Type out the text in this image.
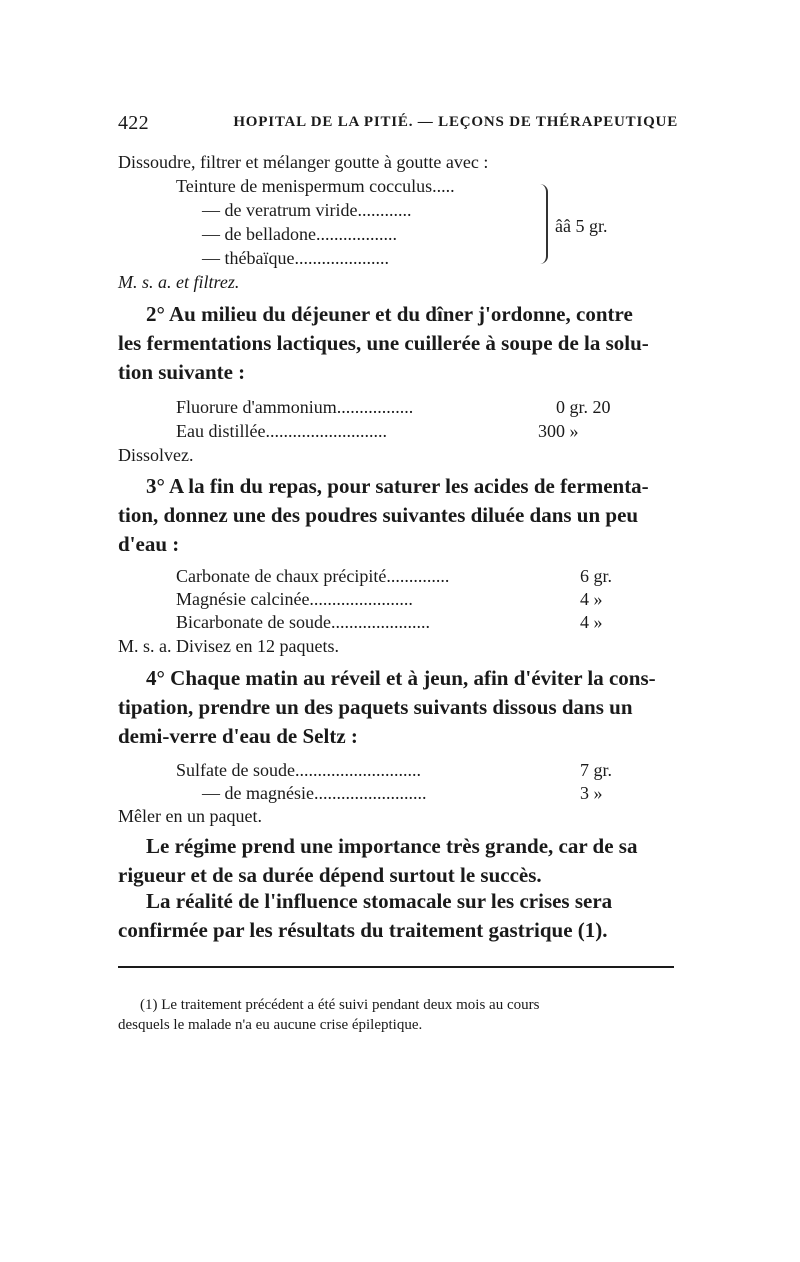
422	HOPITAL DE LA PITIÉ. — LEÇONS DE THÉRAPEUTIQUE
Dissoudre, filtrer et mélanger goutte à goutte avec :
Teinture de menispermum cocculus.....
— de veratrum viride............
— de belladone..................
— thébaïque.....................
ââ 5 gr.
M. s. a. et filtrez.
2° Au milieu du déjeuner et du dîner j'ordonne, contre
les fermentations lactiques, une cuillerée à soupe de la solu-
tion suivante :
Fluorure d'ammonium.................	0 gr. 20
Eau distillée...........................	300 »
Dissolvez.
3° A la fin du repas, pour saturer les acides de fermenta-
tion, donnez une des poudres suivantes diluée dans un peu
d'eau :
Carbonate de chaux précipité..............	6 gr.
Magnésie calcinée.......................	4 »
Bicarbonate de soude......................	4 »
M. s. a. Divisez en 12 paquets.
4° Chaque matin au réveil et à jeun, afin d'éviter la cons-
tipation, prendre un des paquets suivants dissous dans un
demi-verre d'eau de Seltz :
Sulfate de soude............................	7 gr.
— de magnésie.........................	3 »
Mêler en un paquet.
Le régime prend une importance très grande, car de sa
rigueur et de sa durée dépend surtout le succès.
La réalité de l'influence stomacale sur les crises sera
confirmée par les résultats du traitement gastrique (1).
(1) Le traitement précédent a été suivi pendant deux mois au cours
desquels le malade n'a eu aucune crise épileptique.
